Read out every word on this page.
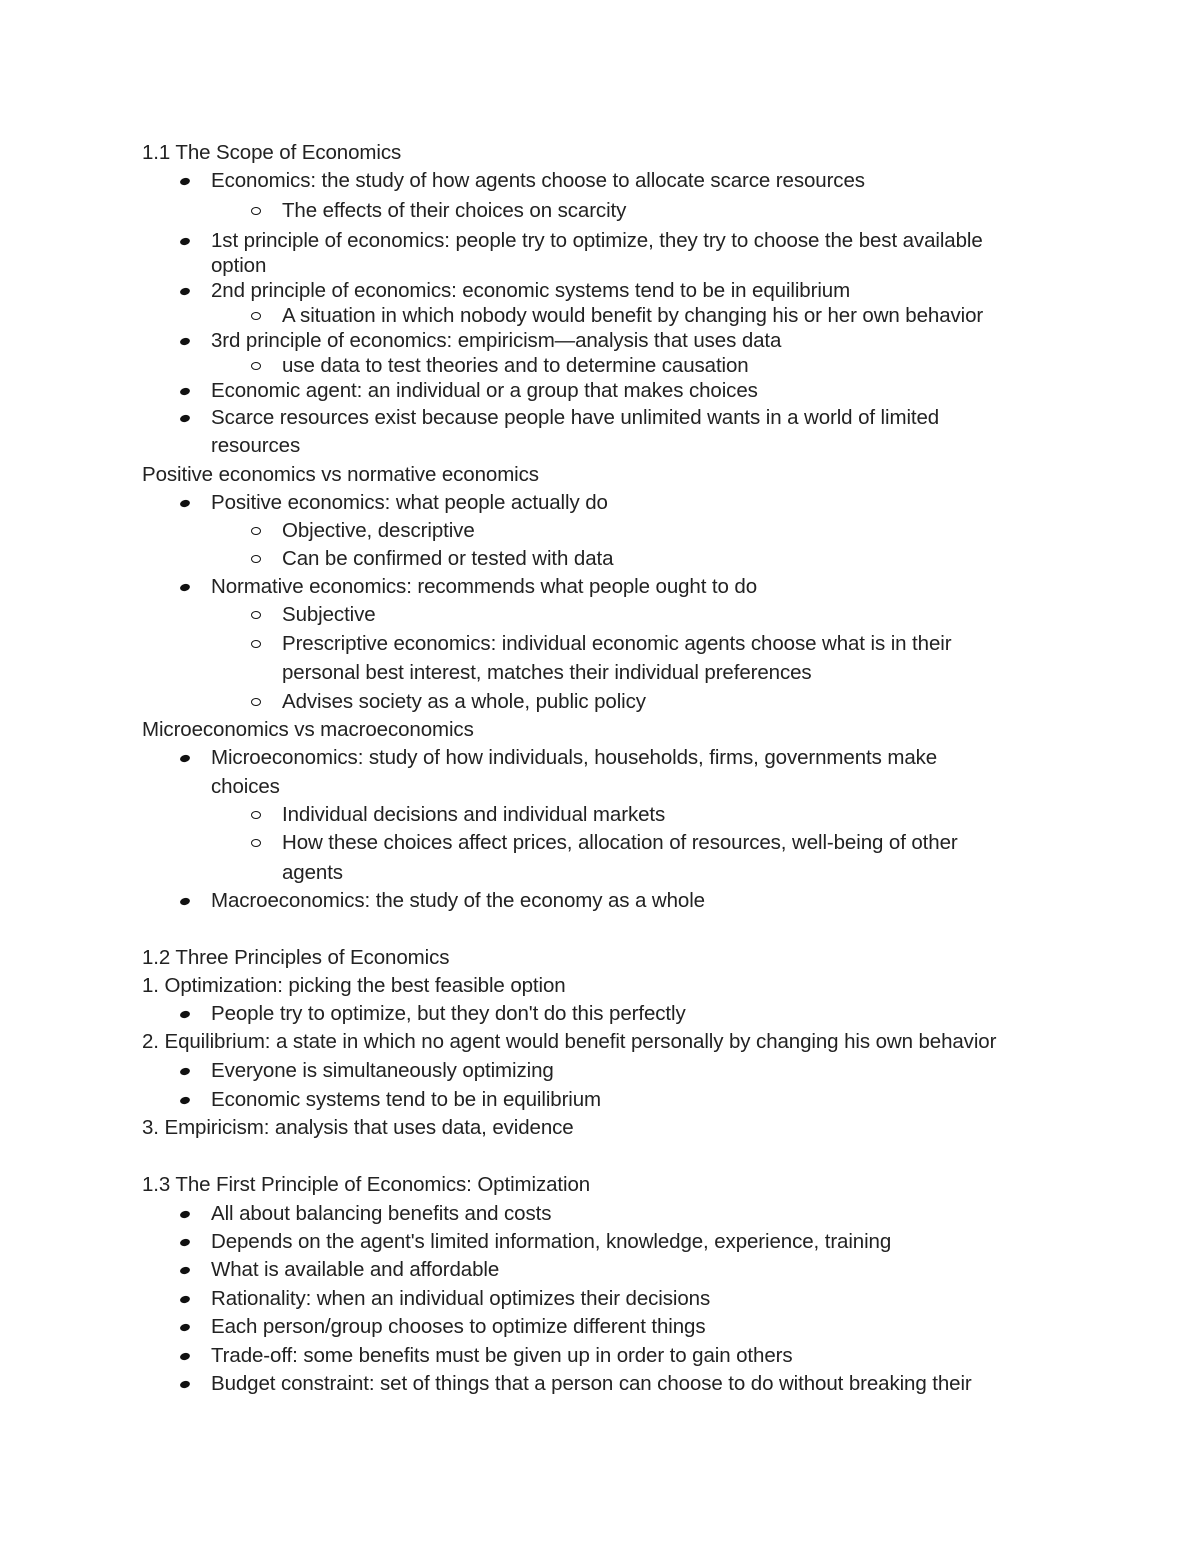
1.1 The Scope of Economics
Economics: the study of how agents choose to allocate scarce resources
The effects of their choices on scarcity
1st principle of economics: people try to optimize, they try to choose the best available
option
2nd principle of economics: economic systems tend to be in equilibrium
A situation in which nobody would benefit by changing his or her own behavior
3rd principle of economics: empiricism—analysis that uses data
use data to test theories and to determine causation
Economic agent: an individual or a group that makes choices
Scarce resources exist because people have unlimited wants in a world of limited
resources
Positive economics vs normative economics
Positive economics: what people actually do
Objective, descriptive
Can be confirmed or tested with data
Normative economics: recommends what people ought to do
Subjective
Prescriptive economics: individual economic agents choose what is in their
personal best interest, matches their individual preferences
Advises society as a whole, public policy
Microeconomics vs macroeconomics
Microeconomics: study of how individuals, households, firms, governments make
choices
Individual decisions and individual markets
How these choices affect prices, allocation of resources, well-being of other
agents
Macroeconomics: the study of the economy as a whole
1.2 Three Principles of Economics
1. Optimization: picking the best feasible option
People try to optimize, but they don't do this perfectly
2. Equilibrium: a state in which no agent would benefit personally by changing his own behavior
Everyone is simultaneously optimizing
Economic systems tend to be in equilibrium
3. Empiricism: analysis that uses data, evidence
1.3 The First Principle of Economics: Optimization
All about balancing benefits and costs
Depends on the agent's limited information, knowledge, experience, training
What is available and affordable
Rationality: when an individual optimizes their decisions
Each person/group chooses to optimize different things
Trade-off: some benefits must be given up in order to gain others
Budget constraint: set of things that a person can choose to do without breaking their
